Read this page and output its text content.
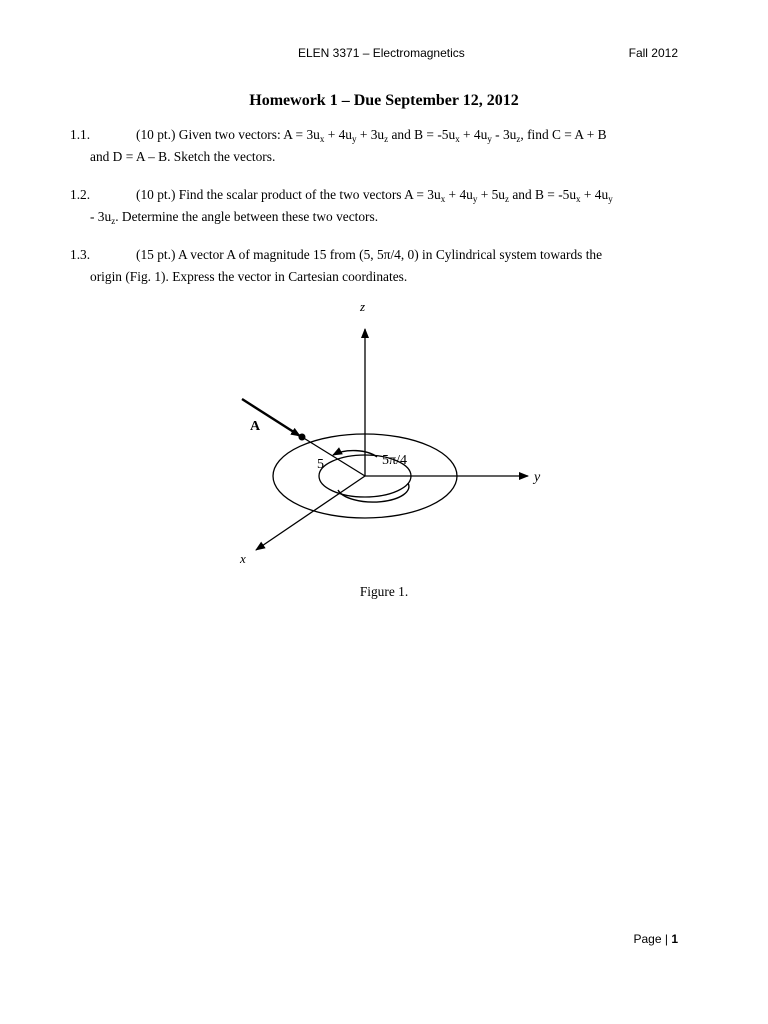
ELEN 3371 – Electromagnetics	Fall 2012
Homework 1 – Due September 12, 2012
1.1.	(10 pt.) Given two vectors: $A = 3u_x + 4u_y + 3u_z$ and $B = -5u_x + 4u_y - 3u_z$, find C = A + B
and D = A – B. Sketch the vectors.
1.2.	(10 pt.) Find the scalar product of the two vectors $A = 3u_x + 4u_y + 5u_z$ and $B = -5u_x + 4u_y$
- $3u_z$. Determine the angle between these two vectors.
1.3.	(15 pt.) A vector A of magnitude 15 from (5, 5π/4, 0) in Cylindrical system towards the
origin (Fig. 1). Express the vector in Cartesian coordinates.
z
y
x
A
5	5π/4
Figure 1.
Page | 1
